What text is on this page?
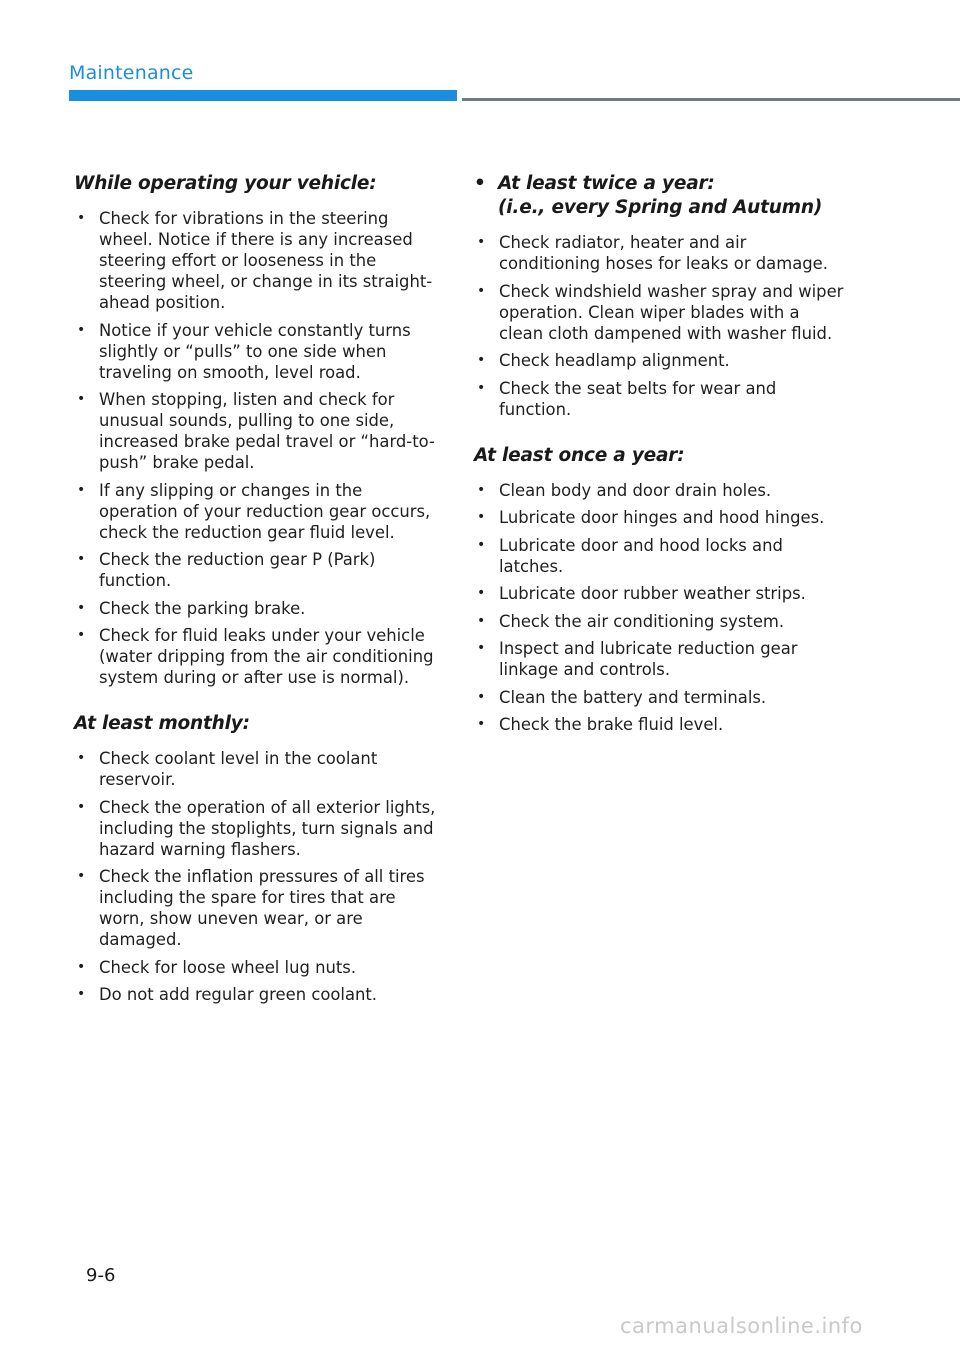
Maintenance
While operating your vehicle:
• Check for vibrations in the steering wheel. Notice if there is any increased steering effort or looseness in the steering wheel, or change in its straight-ahead position.
• Notice if your vehicle constantly turns slightly or “pulls” to one side when traveling on smooth, level road.
• When stopping, listen and check for unusual sounds, pulling to one side, increased brake pedal travel or “hard-to-push” brake pedal.
• If any slipping or changes in the operation of your reduction gear occurs, check the reduction gear fluid level.
• Check the reduction gear P (Park) function.
• Check the parking brake.
• Check for fluid leaks under your vehicle (water dripping from the air conditioning system during or after use is normal).
At least monthly:
• Check coolant level in the coolant reservoir.
• Check the operation of all exterior lights, including the stoplights, turn signals and hazard warning flashers.
• Check the inflation pressures of all tires including the spare for tires that are worn, show uneven wear, or are damaged.
• Check for loose wheel lug nuts.
• Do not add regular green coolant.
• At least twice a year:
(i.e., every Spring and Autumn)
• Check radiator, heater and air conditioning hoses for leaks or damage.
• Check windshield washer spray and wiper operation. Clean wiper blades with a clean cloth dampened with washer fluid.
• Check headlamp alignment.
• Check the seat belts for wear and function.
At least once a year:
• Clean body and door drain holes.
• Lubricate door hinges and hood hinges.
• Lubricate door and hood locks and latches.
• Lubricate door rubber weather strips.
• Check the air conditioning system.
• Inspect and lubricate reduction gear linkage and controls.
• Clean the battery and terminals.
• Check the brake fluid level.
9-6
carmanualsonline.info
